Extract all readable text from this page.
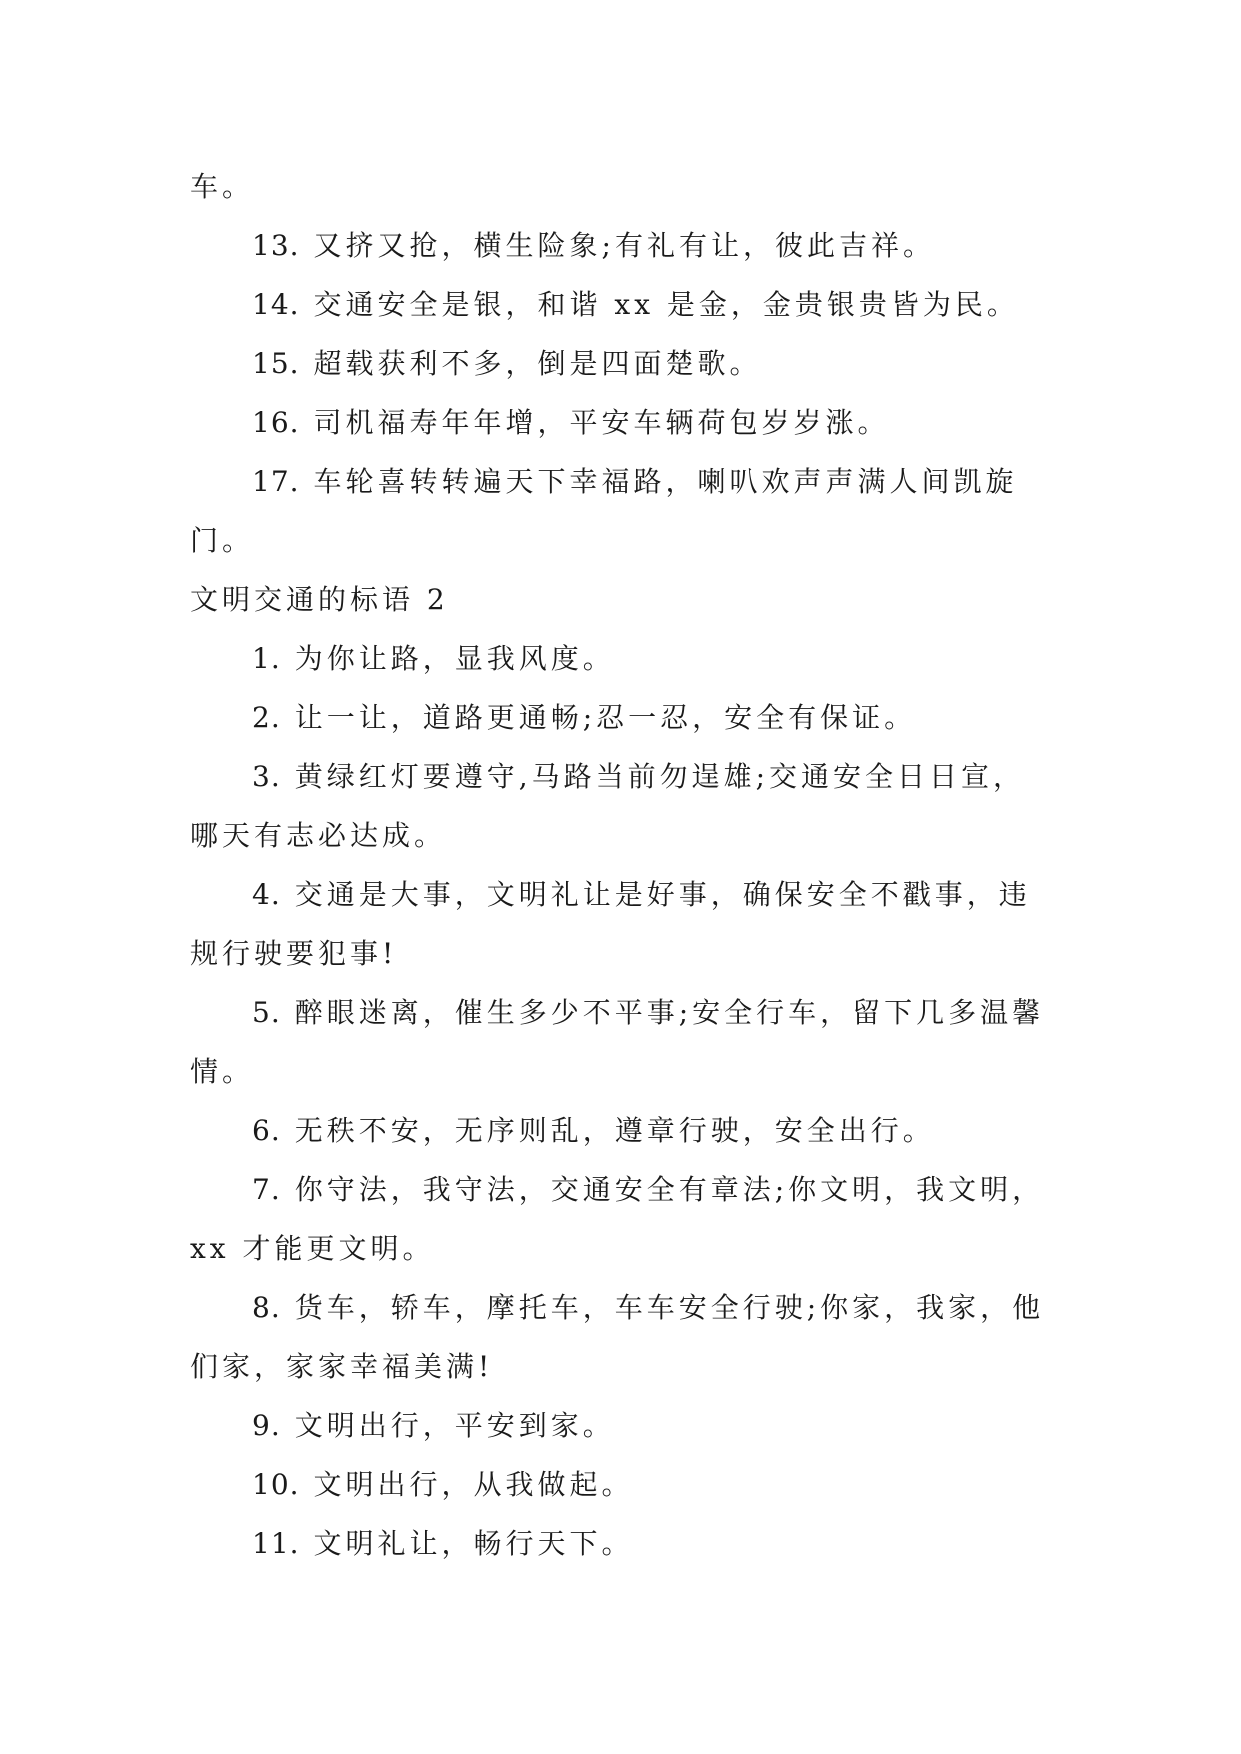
车。

13. 又挤又抢，横生险象;有礼有让，彼此吉祥。

14. 交通安全是银，和谐 xx 是金，金贵银贵皆为民。

15. 超载获利不多，倒是四面楚歌。

16. 司机福寿年年增，平安车辆荷包岁岁涨。

17. 车轮喜转转遍天下幸福路，喇叭欢声声满人间凯旋门。

文明交通的标语 2

1. 为你让路，显我风度。

2. 让一让，道路更通畅;忍一忍，安全有保证。

3. 黄绿红灯要遵守,马路当前勿逞雄;交通安全日日宣，哪天有志必达成。

4. 交通是大事，文明礼让是好事，确保安全不戳事，违规行驶要犯事!

5. 醉眼迷离，催生多少不平事;安全行车，留下几多温馨情。

6. 无秩不安，无序则乱，遵章行驶，安全出行。

7. 你守法，我守法，交通安全有章法;你文明，我文明，xx 才能更文明。

8. 货车，轿车，摩托车，车车安全行驶;你家，我家，他们家，家家幸福美满!

9. 文明出行，平安到家。

10. 文明出行，从我做起。

11. 文明礼让，畅行天下。
